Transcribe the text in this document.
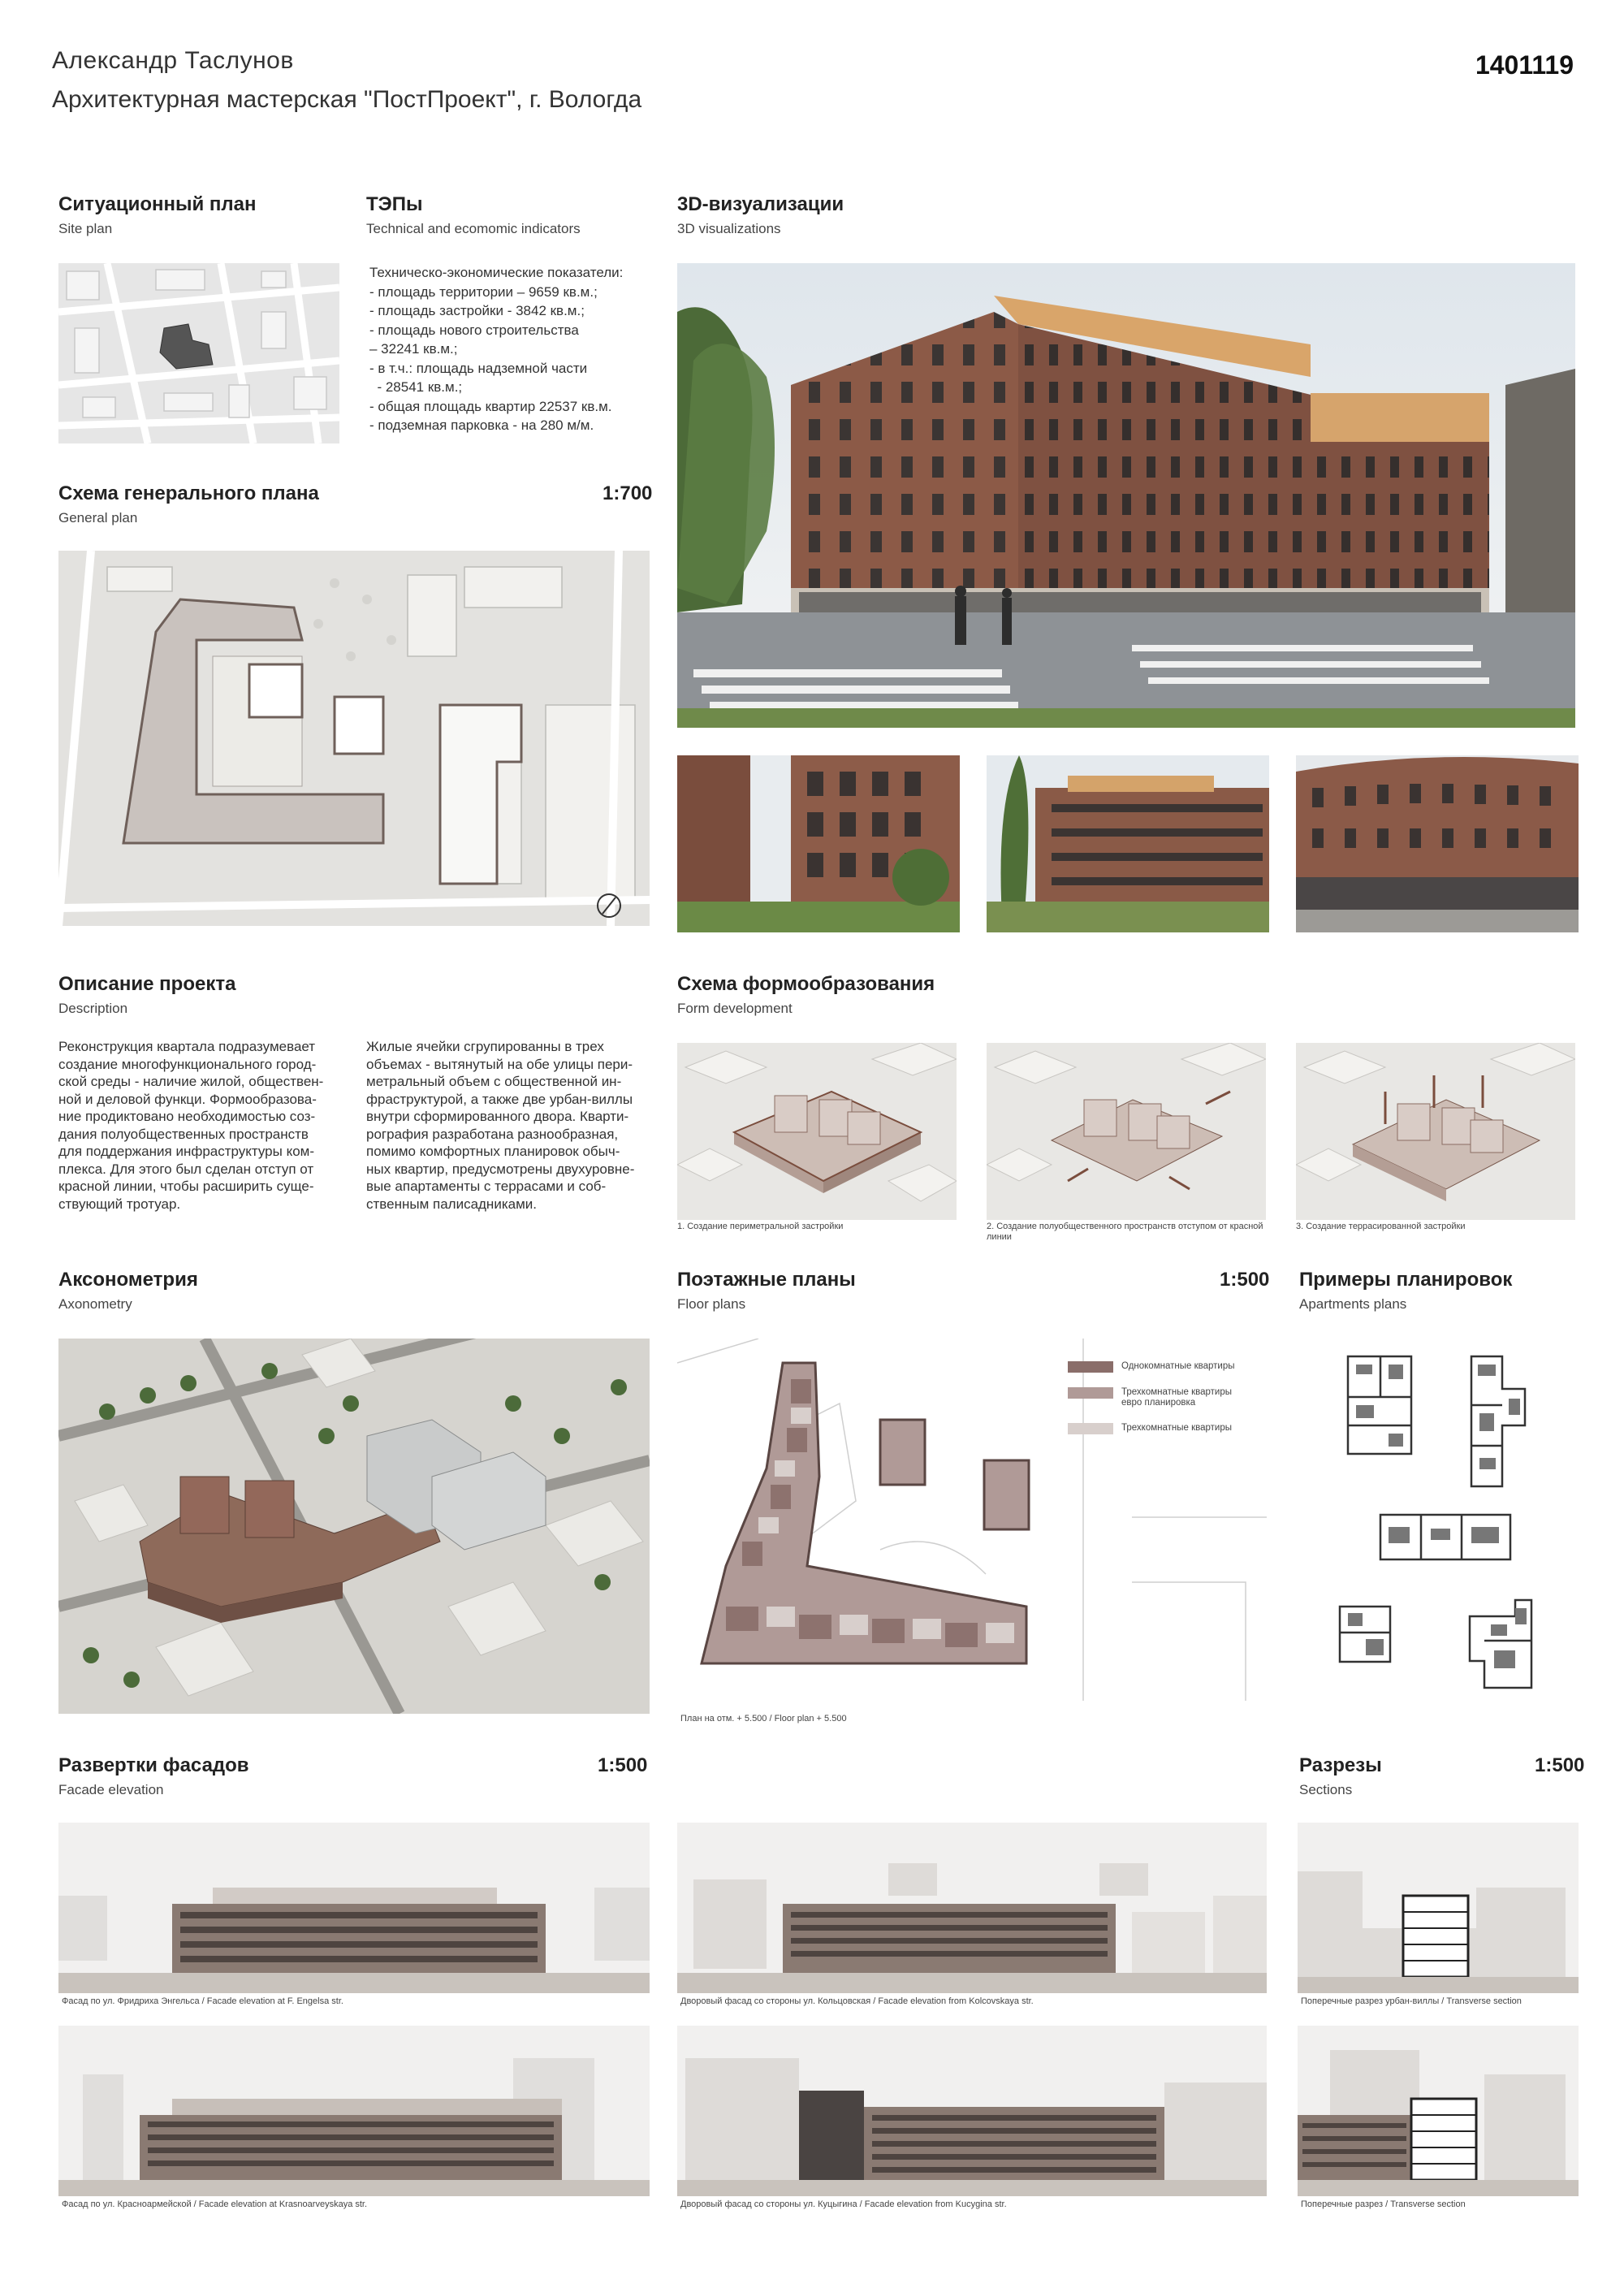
Александр Таслунов
Архитектурная мастерская "ПостПроект", г. Вологда
1401119
Ситуационный план
Site plan
ТЭПы
Technical and ecomomic indicators
Техническо-экономические показатели:
- площадь территории – 9659 кв.м.;
- площадь застройки - 3842 кв.м.;
- площадь нового строительства
– 32241 кв.м.;
- в т.ч.: площадь надземной части
- 28541 кв.м.;
- общая площадь квартир 22537 кв.м.
- подземная парковка - на 280 м/м.
3D-визуализации
3D visualizations
Схема генерального плана
General plan
1:700
Описание проекта
Description
Реконструкция квартала подразумевает
создание многофункционального город-
ской среды - наличие жилой, обществен-
ной и деловой функци. Формообразова-
ние продиктовано необходимостью соз-
дания полуобщественных пространств
для поддержания инфраструктуры ком-
плекса. Для этого был сделан отступ от
красной линии, чтобы расширить суще-
ствующий тротуар.
Жилые ячейки сгрупированны в трех
объемах - вытянутый на обе улицы пери-
метральный объем с общественной ин-
фраструктурой, а также две урбан-виллы
внутри сформированного двора. Кварти-
рография разработана разнообразная,
помимо комфортных планировок обыч-
ных квартир, предусмотрены двухуровне-
вые апартаменты с террасами и соб-
ственным палисадниками.
Схема формообразования
Form development
1. Создание периметральной застройки	2. Создание полуобщественного пространств отступом от красной линии
3. Создание террасированной застройки
Аксонометрия
Axonometry
Поэтажные планы
Floor plans
1:500
Однокомнатные квартиры
Трехкомнатные квартиры евро планировка
Трехкомнатные квартиры
План на отм. + 5.500 / Floor plan + 5.500
Примеры планировок
Apartments plans
Развертки фасадов
Facade elevation
1:500
Фасад по ул. Фридриха Энгельса / Facade elevation at F. Engelsa str.	Дворовый фасад со стороны ул. Кольцовская / Facade elevation from Kolcovskaya str.
Фасад по ул. Красноармейской / Facade elevation at Krasnoarveyskaya str.	Дворовый фасад со стороны ул. Куцыгина / Facade elevation from Kucygina str.
Разрезы
Sections
1:500
Поперечные разрез урбан-виллы / Transverse section
Поперечные разрез / Transverse section
